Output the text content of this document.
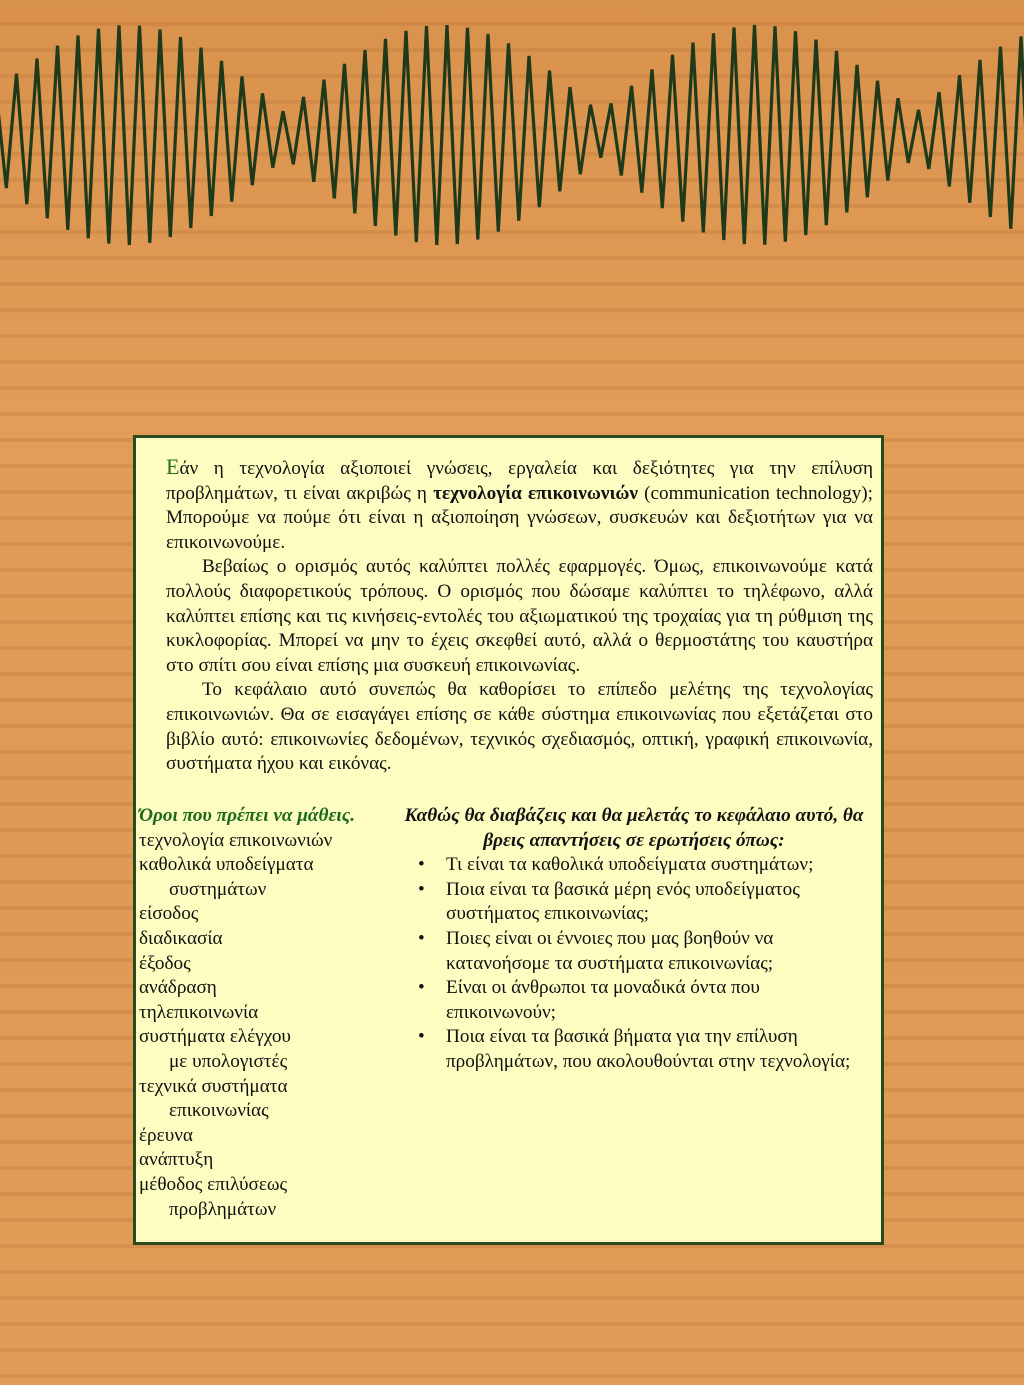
Εάν η τεχνολογία αξιοποιεί γνώσεις, εργαλεία και δεξιότητες για την επίλυση προβλημάτων, τι είναι ακριβώς η τεχνολογία επικοινωνιών (communication technology); Μπορούμε να πούμε ότι είναι η αξιοποίηση γνώσεων, συσκευών και δεξιοτήτων για να επικοινωνούμε.

Βεβαίως ο ορισμός αυτός καλύπτει πολλές εφαρμογές. Όμως, επικοινωνούμε κατά πολλούς διαφορετικούς τρόπους. Ο ορισμός που δώσαμε καλύπτει το τηλέφωνο, αλλά καλύπτει επίσης και τις κινήσεις-εντολές του αξιωματικού της τροχαίας για τη ρύθμιση της κυκλοφορίας. Μπορεί να μην το έχεις σκεφθεί αυτό, αλλά ο θερμοστάτης του καυστήρα στο σπίτι σου είναι επίσης μια συσκευή επικοινωνίας.

Το κεφάλαιο αυτό συνεπώς θα καθορίσει το επίπεδο μελέτης της τεχνολογίας επικοινωνιών. Θα σε εισαγάγει επίσης σε κάθε σύστημα επικοινωνίας που εξετάζεται στο βιβλίο αυτό: επικοινωνίες δεδομένων, τεχνικός σχεδιασμός, οπτική, γραφική επικοινωνία, συστήματα ήχου και εικόνας.

Όροι που πρέπει να μάθεις.
τεχνολογία επικοινωνιών
καθολικά υποδείγματα
συστημάτων
είσοδος
διαδικασία
έξοδος
ανάδραση
τηλεπικοινωνία
συστήματα ελέγχου
με υπολογιστές
τεχνικά συστήματα
επικοινωνίας
έρευνα
ανάπτυξη
μέθοδος επιλύσεως
προβλημάτων
Καθώς θα διαβάζεις και θα μελετάς το κεφάλαιο αυτό, θα βρεις απαντήσεις σε ερωτήσεις όπως:
• Τι είναι τα καθολικά υποδείγματα συστημάτων;
• Ποια είναι τα βασικά μέρη ενός υποδείγματος συστήματος επικοινωνίας;
• Ποιες είναι οι έννοιες που μας βοηθούν να κατανοήσομε τα συστήματα επικοινωνίας;
• Είναι οι άνθρωποι τα μοναδικά όντα που επικοινωνούν;
• Ποια είναι τα βασικά βήματα για την επίλυση προβλημάτων, που ακολουθούνται στην τεχνολογία;
